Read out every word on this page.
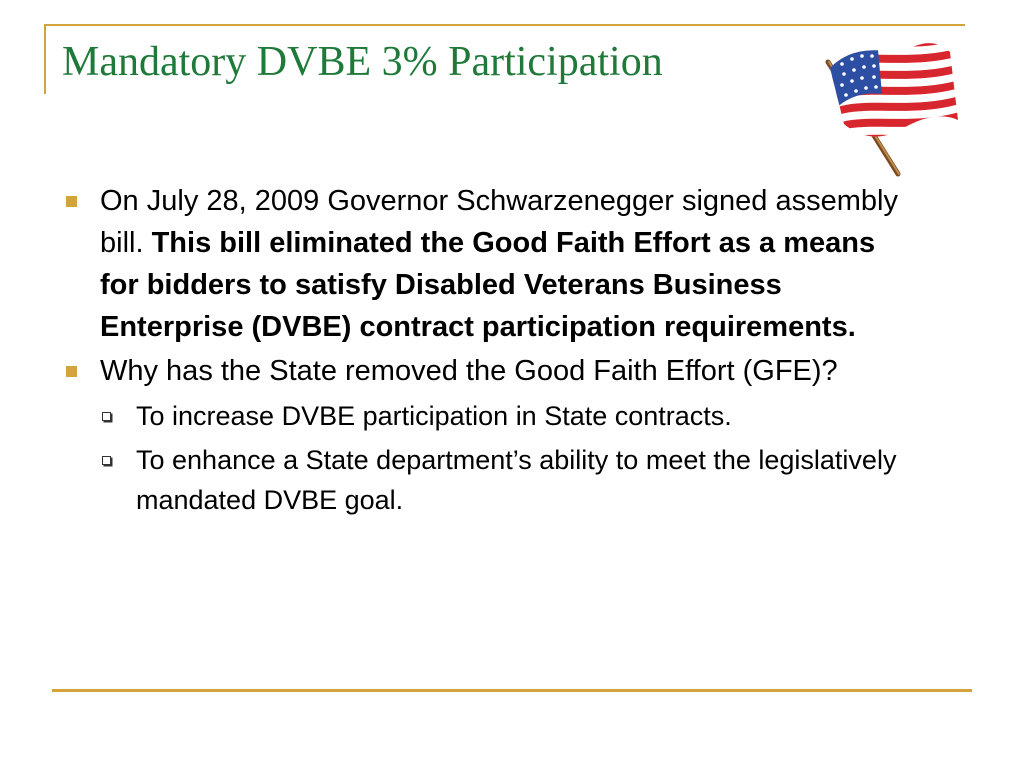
Mandatory DVBE 3% Participation
On July 28, 2009 Governor Schwarzenegger signed assembly bill. This bill eliminated the Good Faith Effort as a means for bidders to satisfy Disabled Veterans Business Enterprise (DVBE) contract participation requirements.
Why has the State removed the Good Faith Effort (GFE)?
To increase DVBE participation in State contracts.
To enhance a State department’s ability to meet the legislatively mandated DVBE goal.
